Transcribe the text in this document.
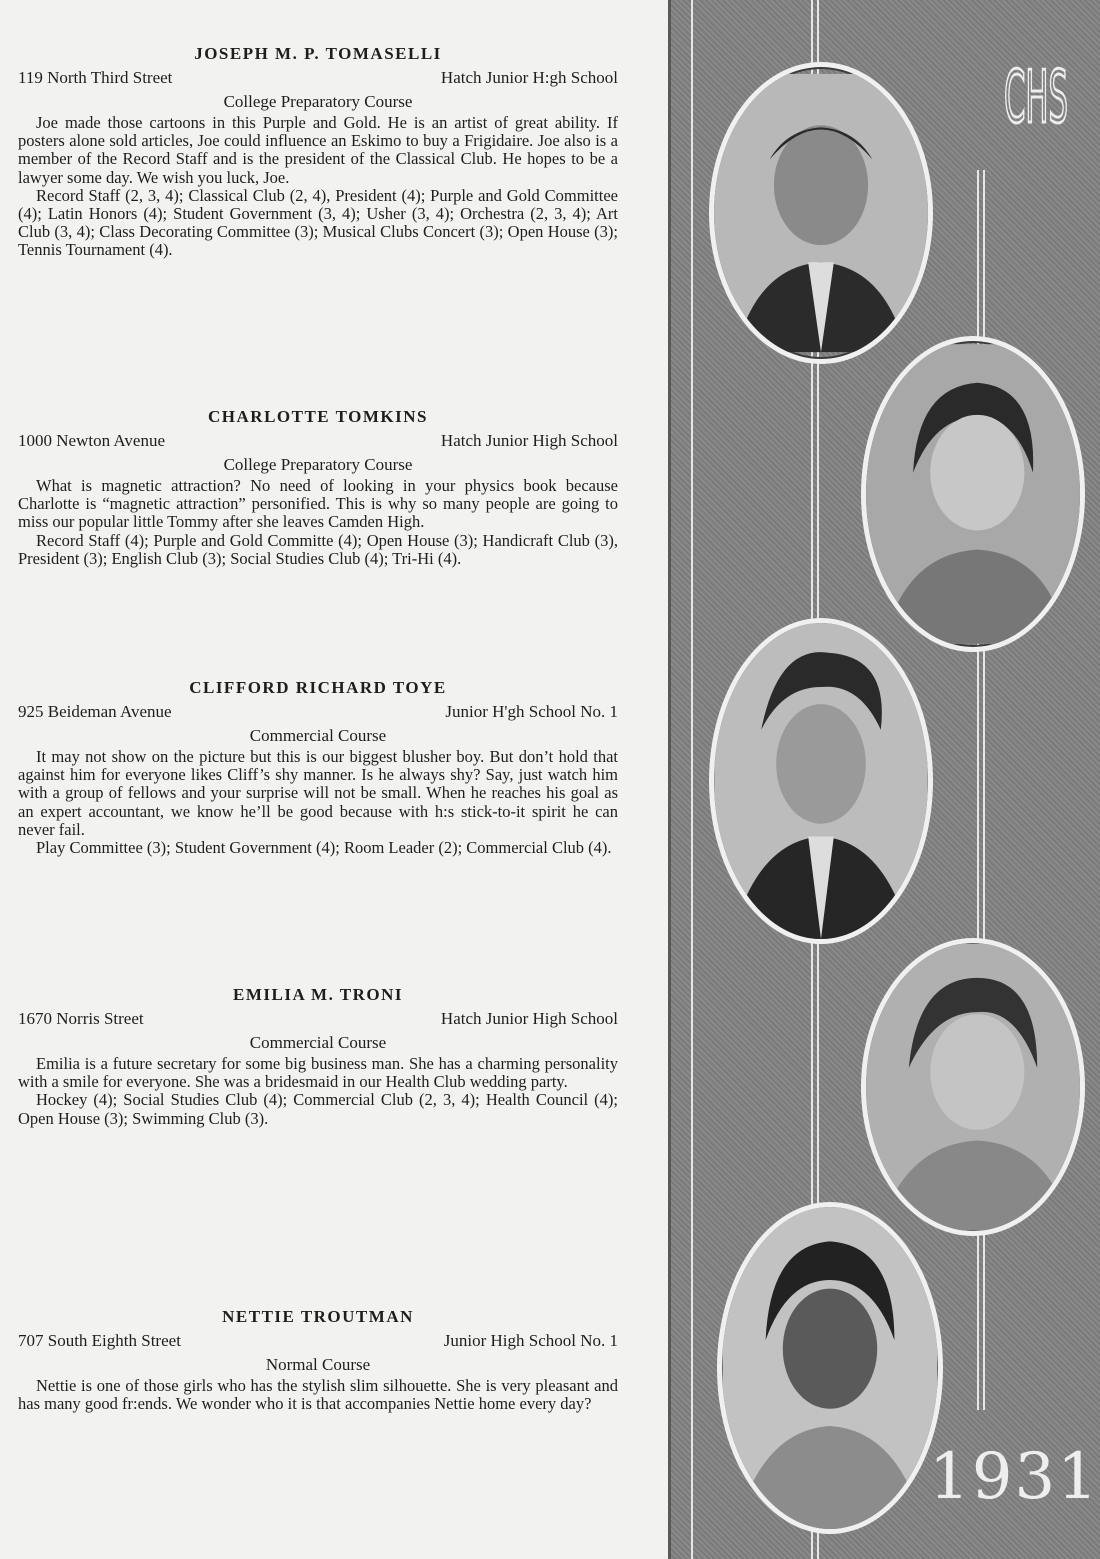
JOSEPH M. P. TOMASELLI
119 North Third Street	Hatch Junior H:gh School
College Preparatory Course

Joe made those cartoons in this Purple and Gold. He is an artist of great ability. If posters alone sold articles, Joe could influence an Eskimo to buy a Frigidaire. Joe also is a member of the Record Staff and is the president of the Classical Club. He hopes to be a lawyer some day. We wish you luck, Joe.

Record Staff (2, 3, 4); Classical Club (2, 4), President (4); Purple and Gold Committee (4); Latin Honors (4); Student Government (3, 4); Usher (3, 4); Orchestra (2, 3, 4); Art Club (3, 4); Class Decorating Committee (3); Musical Clubs Concert (3); Open House (3); Tennis Tournament (4).

CHARLOTTE TOMKINS
1000 Newton Avenue	Hatch Junior High School
College Preparatory Course

What is magnetic attraction? No need of looking in your physics book because Charlotte is “magnetic attraction” personified. This is why so many people are going to miss our popular little Tommy after she leaves Camden High.

Record Staff (4); Purple and Gold Committe (4); Open House (3); Handicraft Club (3), President (3); English Club (3); Social Studies Club (4); Tri-Hi (4).

CLIFFORD RICHARD TOYE
925 Beideman Avenue	Junior H'gh School No. 1
Commercial Course

It may not show on the picture but this is our biggest blusher boy. But don’t hold that against him for everyone likes Cliff’s shy manner. Is he always shy? Say, just watch him with a group of fellows and your surprise will not be small. When he reaches his goal as an expert accountant, we know he’ll be good because with h:s stick-to-it spirit he can never fail.

Play Committee (3); Student Government (4); Room Leader (2); Commercial Club (4).

EMILIA M. TRONI
1670 Norris Street	Hatch Junior High School
Commercial Course

Emilia is a future secretary for some big business man. She has a charming personality with a smile for everyone. She was a bridesmaid in our Health Club wedding party.

Hockey (4); Social Studies Club (4); Commercial Club (2, 3, 4); Health Council (4); Open House (3); Swimming Club (3).

NETTIE TROUTMAN
707 South Eighth Street	Junior High School No. 1
Normal Course

Nettie is one of those girls who has the stylish slim silhouette. She is very pleasant and has many good fr:ends. We wonder who it is that accompanies Nettie home every day?

CHS
1931
